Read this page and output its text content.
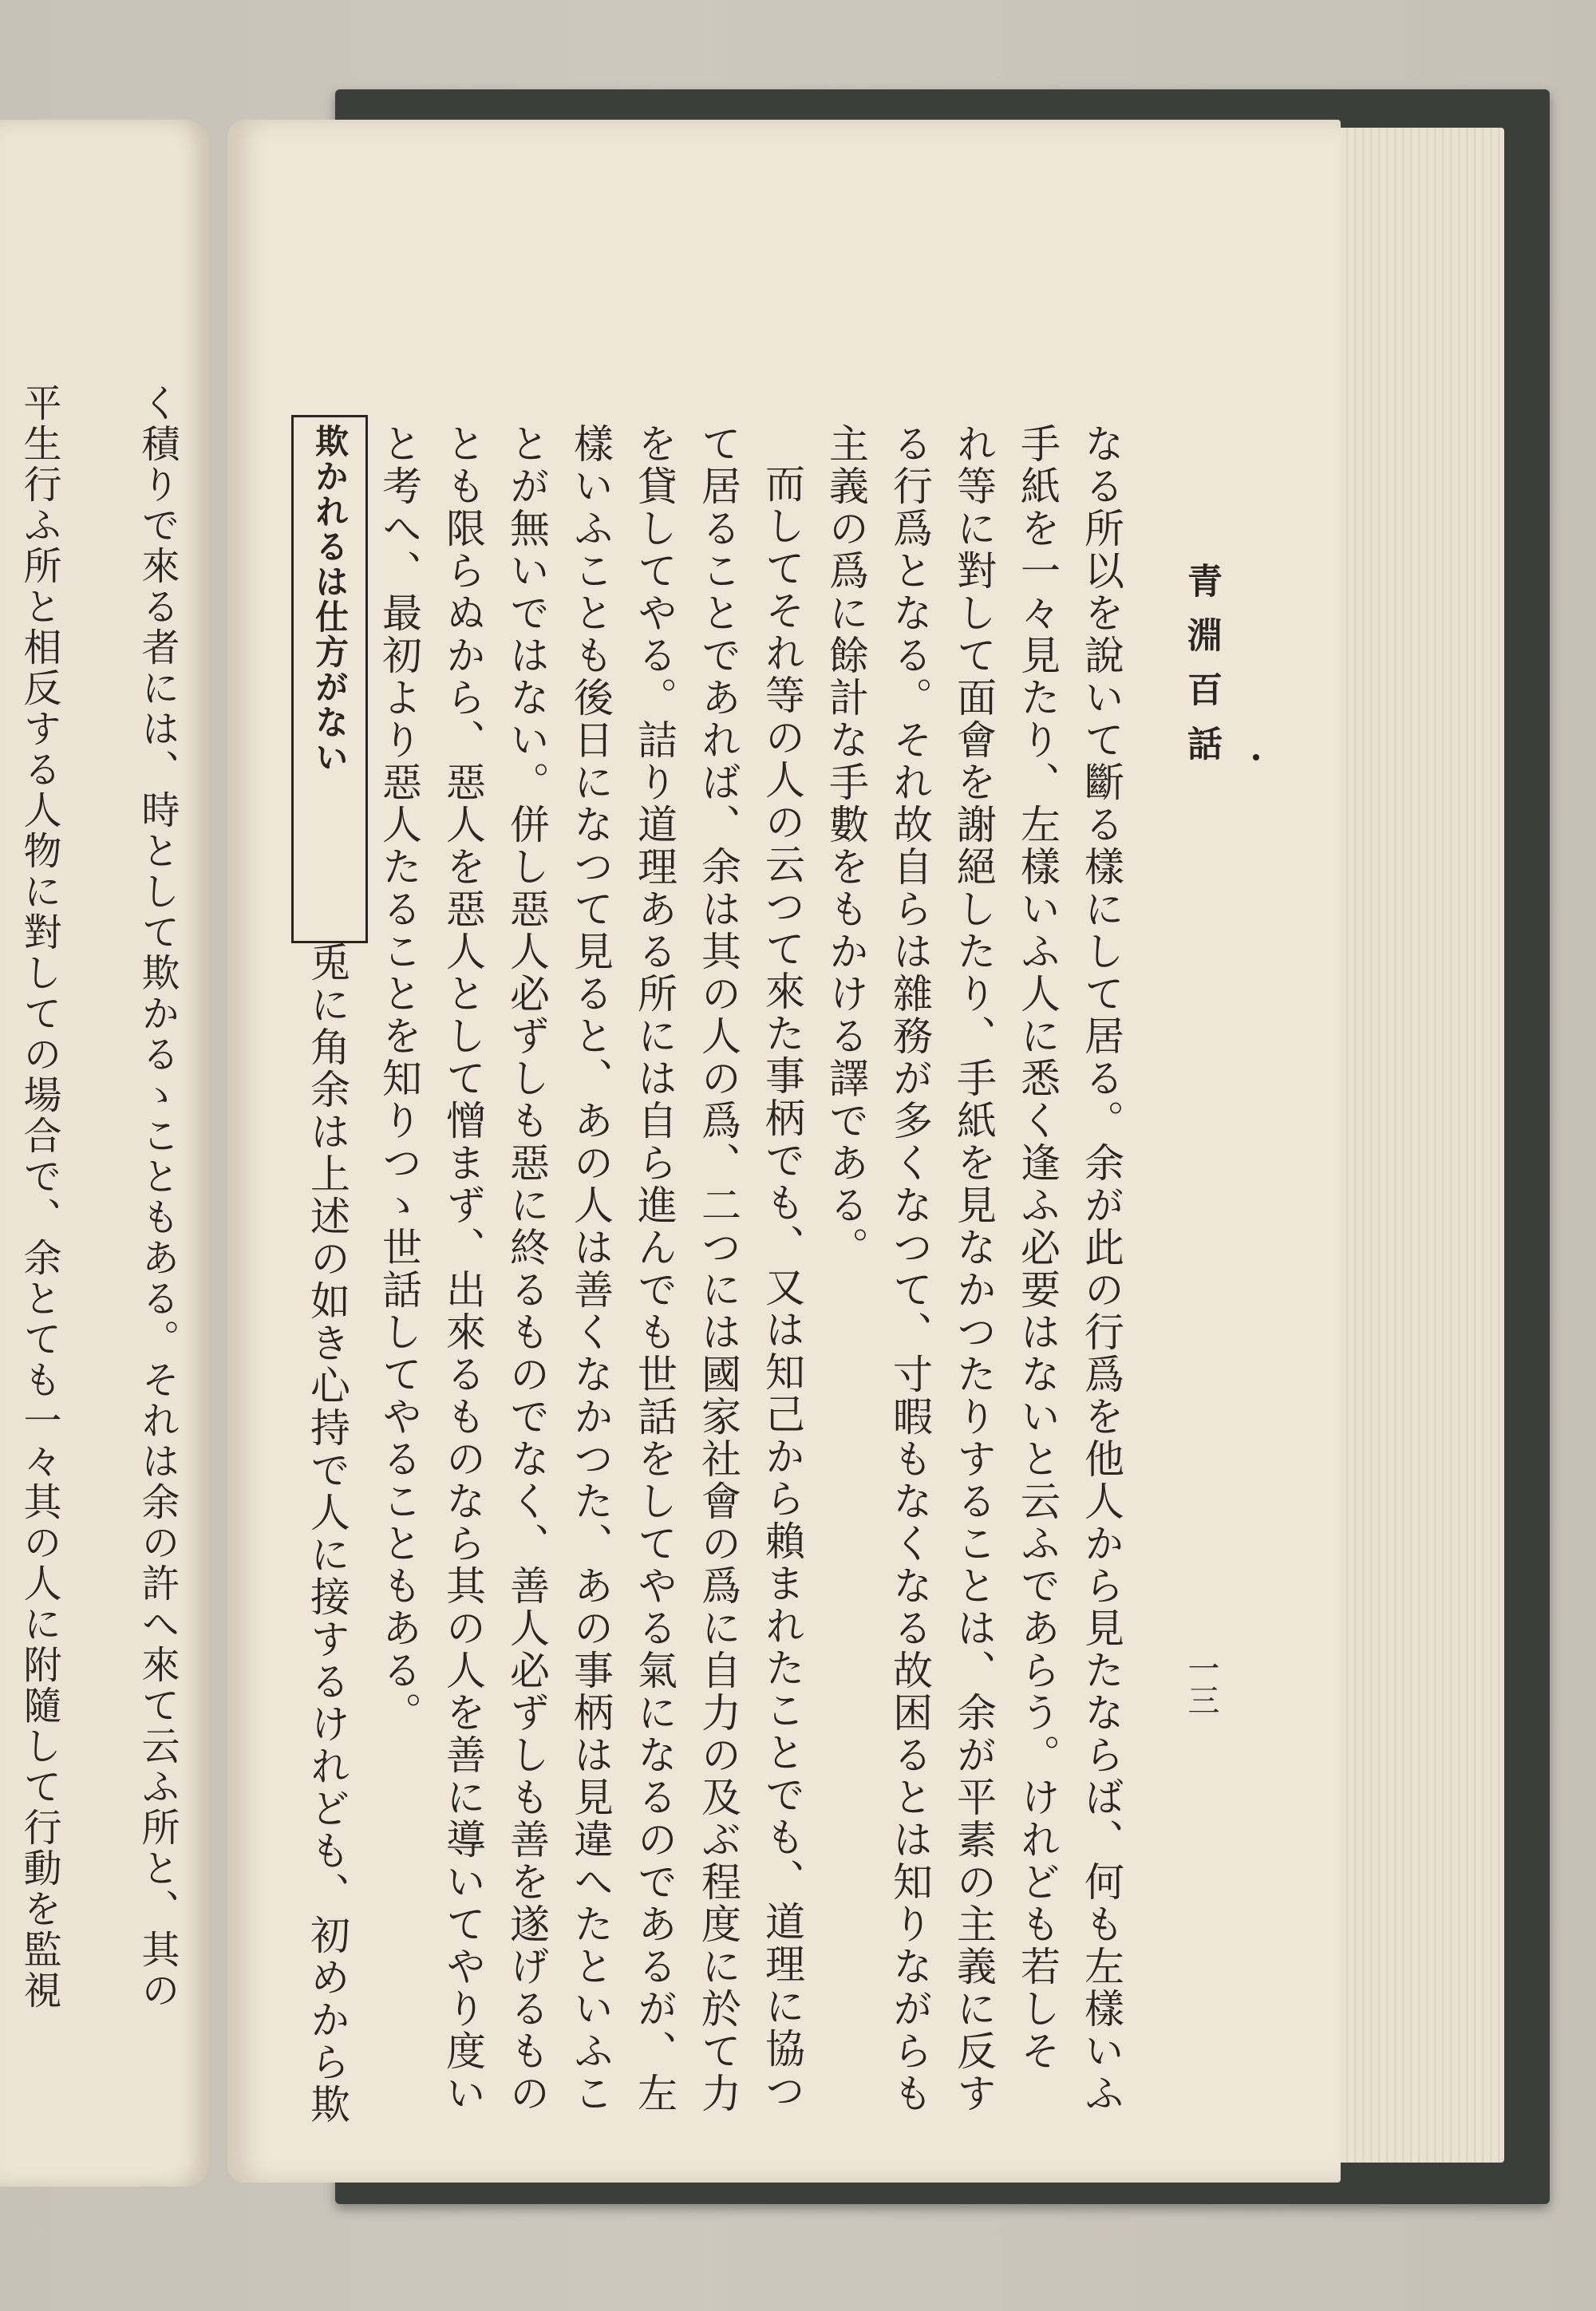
く積りで來る者には、時として欺かるゝこともある。それは余の許へ來て云ふ所と、其の
平生行ふ所と相反する人物に對しての場合で、余とても一々其の人に附隨して行動を監視	青淵百話
一三
なる所以を說いて斷る樣にして居る。余が此の行爲を他人から見たならば、何も左樣いふ
手紙を一々見たり、左樣いふ人に悉く逢ふ必要はないと云ふであらう。けれども若しそ
れ等に對して面會を謝絕したり、手紙を見なかつたりすることは、余が平素の主義に反す
る行爲となる。それ故自らは雜務が多くなつて、寸暇もなくなる故困るとは知りながらも
主義の爲に餘計な手數をもかける譯である。
而してそれ等の人の云つて來た事柄でも、又は知己から賴まれたことでも、道理に協つ
て居ることであれば、余は其の人の爲、二つには國家社會の爲に自力の及ぶ程度に於て力
を貸してやる。詰り道理ある所には自ら進んでも世話をしてやる氣になるのであるが、左
樣いふことも後日になつて見ると、あの人は善くなかつた、あの事柄は見違へたといふこ
とが無いではない。併し惡人必ずしも惡に終るものでなく、善人必ずしも善を遂げるもの
とも限らぬから、惡人を惡人として憎まず、出來るものなら其の人を善に導いてやり度い
と考へ、最初より惡人たることを知りつゝ世話してやることもある。
欺かれるは仕方がない
兎に角余は上述の如き心持で人に接するけれども、初めから欺
